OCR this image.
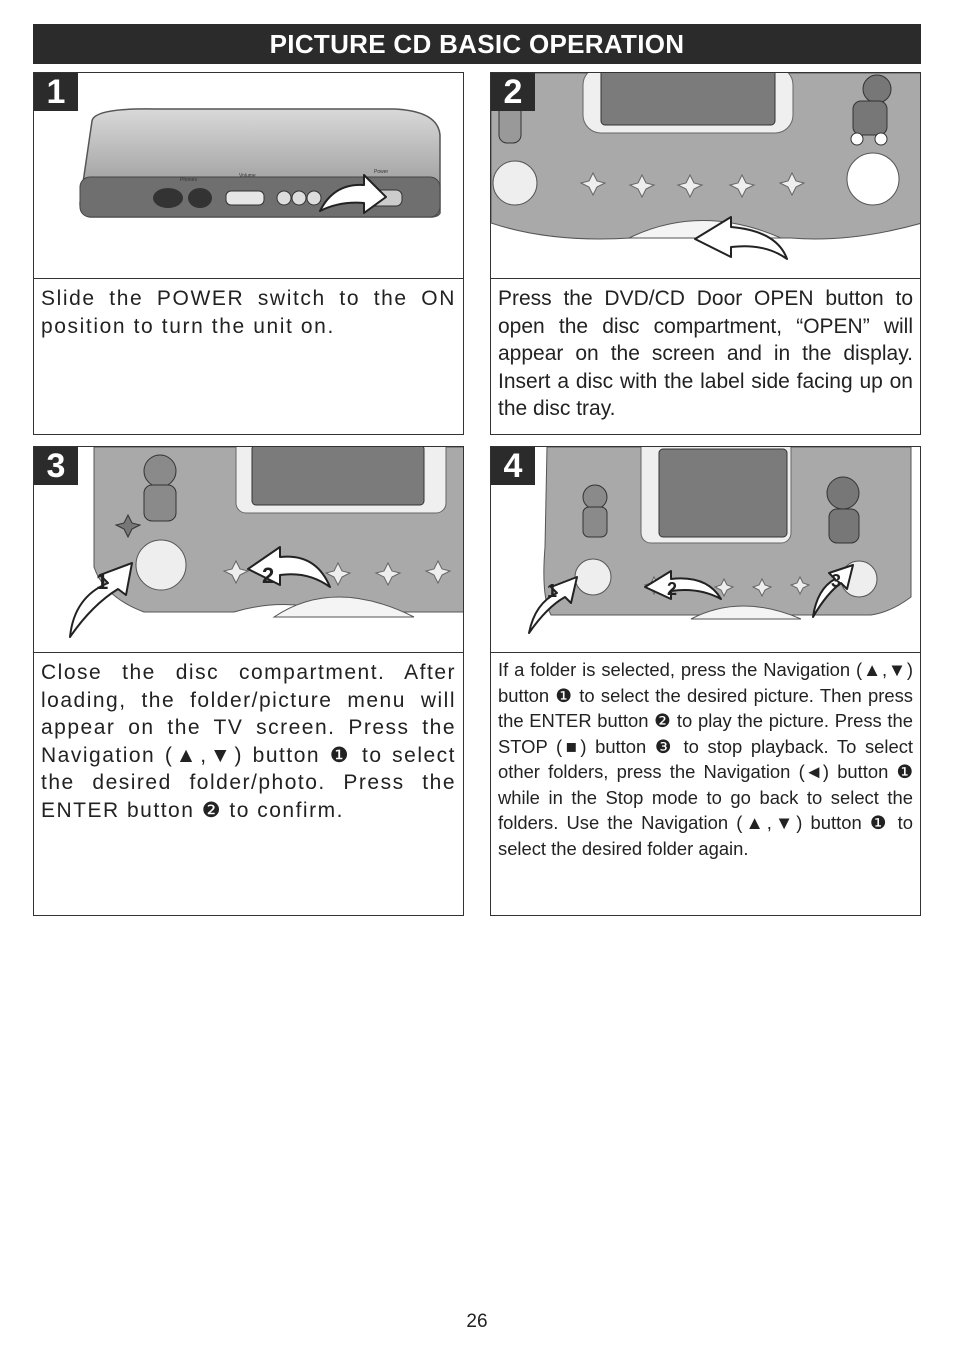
PICTURE CD BASIC OPERATION
Phones
Volume
Power
1
Slide the POWER switch to the ON position to turn the unit on.
2
Press the DVD/CD Door OPEN button to open the disc compartment, “OPEN” will appear on the screen and in the display. Insert a disc with the label side facing up on the disc tray.
1	2
3
Close the disc compartment. After loading, the folder/picture menu will appear on the TV screen. Press the Navigation (▲,▼) button ❶ to select the desired folder/photo. Press the ENTER button ❷ to confirm.
1	2	3
4
If a folder is selected, press the Navigation (▲,▼) button ❶ to select the desired picture. Then press the ENTER button ❷ to play the picture. Press the STOP (■) button ❸ to stop playback. To select other folders, press the Navigation (◄) button ❶ while in the Stop mode to go back to select the folders. Use the Navigation (▲,▼) button ❶ to select the desired folder again.
26
